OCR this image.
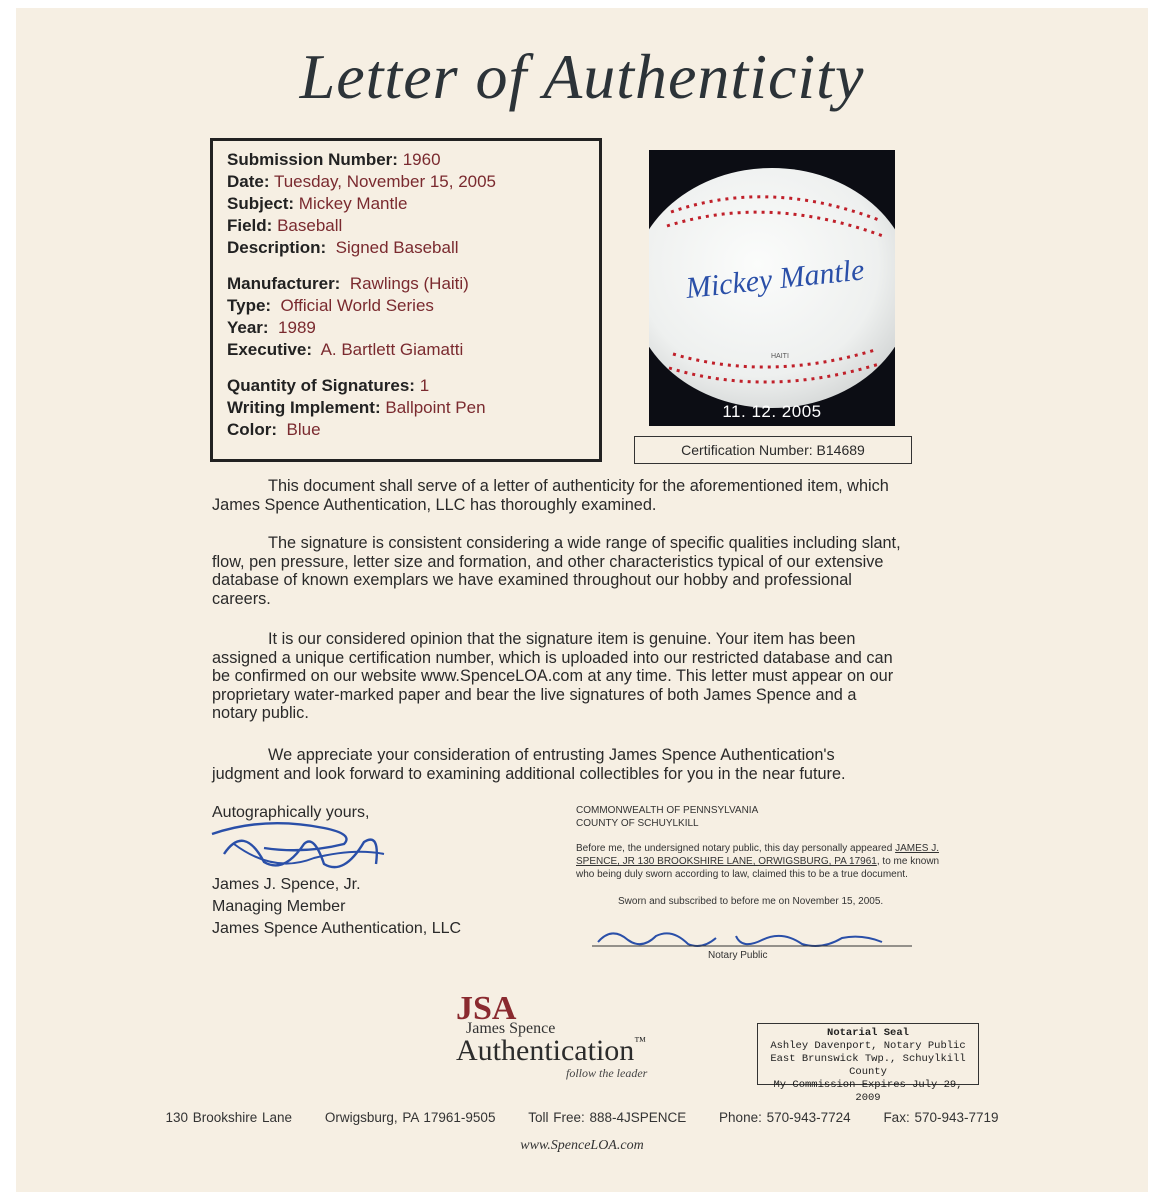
Letter of Authenticity
Submission Number: 1960
Date: Tuesday, November 15, 2005
Subject: Mickey Mantle
Field: Baseball
Description: Signed Baseball
Manufacturer: Rawlings (Haiti)
Type: Official World Series
Year: 1989
Executive: A. Bartlett Giamatti
Quantity of Signatures: 1
Writing Implement: Ballpoint Pen
Color: Blue
HAITI
Mickey Mantle
11. 12. 2005
Certification Number: B14689
This document shall serve of a letter of authenticity for the aforementioned item, which
James Spence Authentication, LLC has thoroughly examined.
The signature is consistent considering a wide range of specific qualities including slant,
flow, pen pressure, letter size and formation, and other characteristics typical of our extensive
database of known exemplars we have examined throughout our hobby and professional
careers.
It is our considered opinion that the signature item is genuine. Your item has been
assigned a unique certification number, which is uploaded into our restricted database and can
be confirmed on our website www.SpenceLOA.com at any time. This letter must appear on our
proprietary water-marked paper and bear the live signatures of both James Spence and a
notary public.
We appreciate your consideration of entrusting James Spence Authentication's
judgment and look forward to examining additional collectibles for you in the near future.
Autographically yours,
James J. Spence, Jr.
Managing Member
James Spence Authentication, LLC
COMMONWEALTH OF PENNSYLVANIA
COUNTY OF SCHUYLKILL
Before me, the undersigned notary public, this day personally appeared JAMES J. SPENCE, JR 130 BROOKSHIRE LANE, ORWIGSBURG, PA 17961, to me known who being duly sworn according to law, claimed this to be a true document.
Sworn and subscribed to before me on November 15, 2005.
Notary Public
JSA
James Spence
Authentication™
follow the leader
Notarial Seal
Ashley Davenport, Notary Public
East Brunswick Twp., Schuylkill County
My Commission Expires July 29, 2009
130 Brookshire Lane Orwigsburg, PA 17961-9505 Toll Free: 888-4JSPENCE Phone: 570-943-7724 Fax: 570-943-7719
www.SpenceLOA.com
